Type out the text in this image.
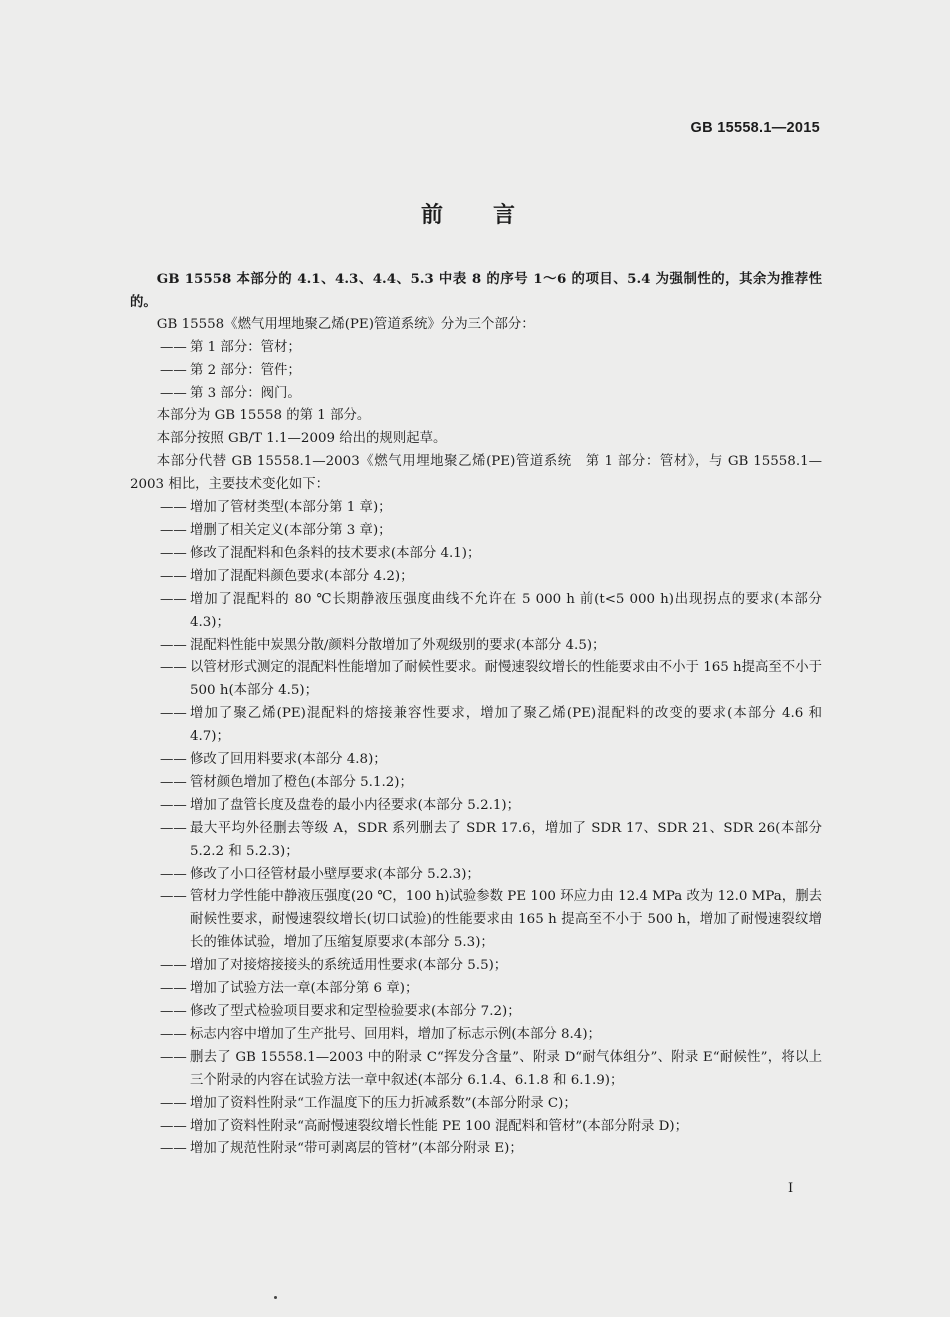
GB 15558.1—2015
前　言

GB 15558 本部分的 4.1、4.3、4.4、5.3 中表 8 的序号 1～6 的项目、5.4 为强制性的，其余为推荐性的。

GB 15558《燃气用埋地聚乙烯(PE)管道系统》分为三个部分：

—— 第 1 部分：管材；
—— 第 2 部分：管件；
—— 第 3 部分：阀门。

本部分为 GB 15558 的第 1 部分。

本部分按照 GB/T 1.1—2009 给出的规则起草。

本部分代替 GB 15558.1—2003《燃气用埋地聚乙烯(PE)管道系统　第 1 部分：管材》，与 GB 15558.1—2003 相比，主要技术变化如下：

—— 增加了管材类型(本部分第 1 章)；
—— 增删了相关定义(本部分第 3 章)；
—— 修改了混配料和色条料的技术要求(本部分 4.1)；
—— 增加了混配料颜色要求(本部分 4.2)；
—— 增加了混配料的 80 ℃长期静液压强度曲线不允许在 5 000 h 前(t<5 000 h)出现拐点的要求(本部分 4.3)；
—— 混配料性能中炭黑分散/颜料分散增加了外观级别的要求(本部分 4.5)；
—— 以管材形式测定的混配料性能增加了耐候性要求。耐慢速裂纹增长的性能要求由不小于 165 h提高至不小于 500 h(本部分 4.5)；
—— 增加了聚乙烯(PE)混配料的熔接兼容性要求，增加了聚乙烯(PE)混配料的改变的要求(本部分 4.6 和 4.7)；
—— 修改了回用料要求(本部分 4.8)；
—— 管材颜色增加了橙色(本部分 5.1.2)；
—— 增加了盘管长度及盘卷的最小内径要求(本部分 5.2.1)；
—— 最大平均外径删去等级 A，SDR 系列删去了 SDR 17.6，增加了 SDR 17、SDR 21、SDR 26(本部分 5.2.2 和 5.2.3)；
—— 修改了小口径管材最小壁厚要求(本部分 5.2.3)；
—— 管材力学性能中静液压强度(20 ℃，100 h)试验参数 PE 100 环应力由 12.4 MPa 改为 12.0 MPa，删去耐候性要求，耐慢速裂纹增长(切口试验)的性能要求由 165 h 提高至不小于 500 h，增加了耐慢速裂纹增长的锥体试验，增加了压缩复原要求(本部分 5.3)；
—— 增加了对接熔接接头的系统适用性要求(本部分 5.5)；
—— 增加了试验方法一章(本部分第 6 章)；
—— 修改了型式检验项目要求和定型检验要求(本部分 7.2)；
—— 标志内容中增加了生产批号、回用料，增加了标志示例(本部分 8.4)；
—— 删去了 GB 15558.1—2003 中的附录 C“挥发分含量”、附录 D“耐气体组分”、附录 E“耐候性”，将以上三个附录的内容在试验方法一章中叙述(本部分 6.1.4、6.1.8 和 6.1.9)；
—— 增加了资料性附录“工作温度下的压力折减系数”(本部分附录 C)；
—— 增加了资料性附录“高耐慢速裂纹增长性能 PE 100 混配料和管材”(本部分附录 D)；
—— 增加了规范性附录“带可剥离层的管材”(本部分附录 E)；
I
